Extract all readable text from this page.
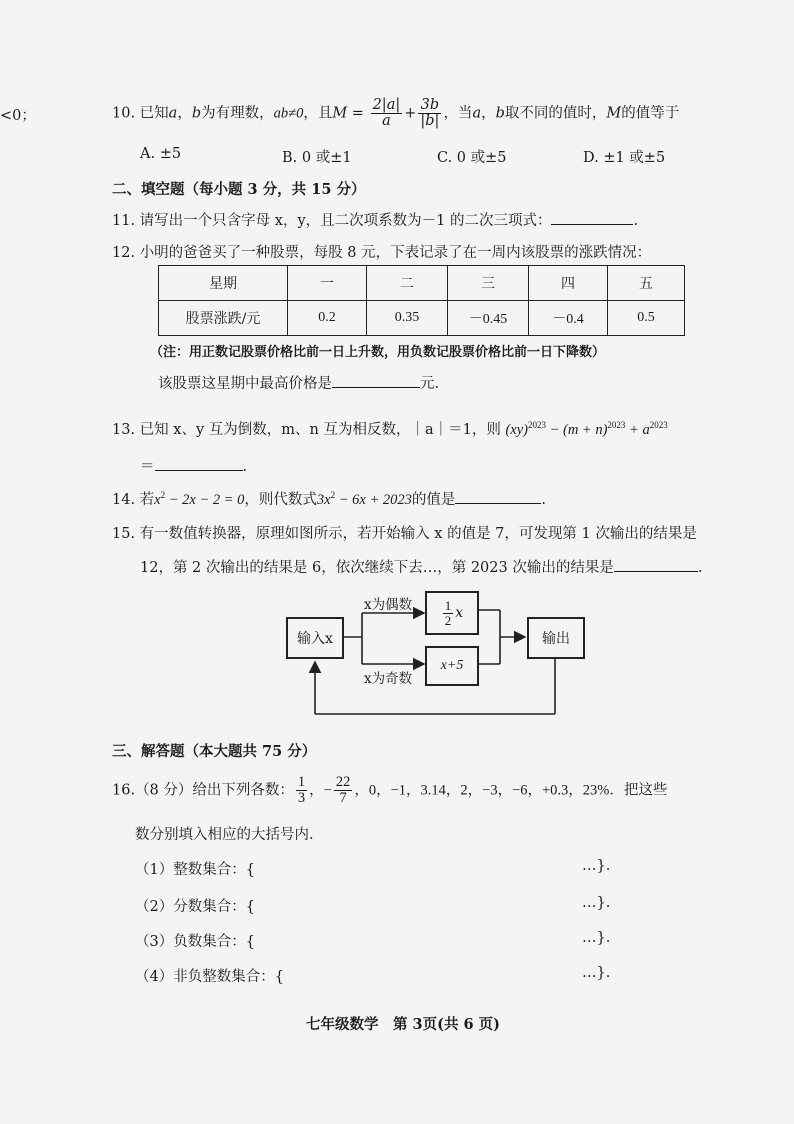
<0；	10. 已知a，b为有理数，ab≠0，且$M = \frac{2|a|}{a} + \frac{3b}{|b|}$ ，当a，b取不同的值时，M的值等于
A. ±5	B. 0 或±1	C. 0 或±5	D. ±1 或±5
二、填空题（每小题 3 分，共 15 分）
11. 请写出一个只含字母 x，y，且二次项系数为－1 的二次三项式：	.
12. 小明的爸爸买了一种股票，每股 8 元，下表记录了在一周内该股票的涨跌情况：
星期	一	二	三	四	五
股票涨跌/元	0.2	0.35	－0.45	－0.4	0.5
（注：用正数记股票价格比前一日上升数，用负数记股票价格比前一日下降数）
该股票这星期中最高价格是	元.
13. 已知 x、y 互为倒数，m、n 互为相反数，｜a｜＝1，则 $(xy)^{2023} - (m + n)^{2023} + a^{2023}$
＝	.
14. 若$x^2 - 2x - 2 = 0$，则代数式$3x^2 - 6x + 2023$的值是	.
15. 有一数值转换器，原理如图所示，若开始输入 x 的值是 7，可发现第 1 次输出的结果是
12，第 2 次输出的结果是 6，依次继续下去…，第 2023 次输出的结果是	.
输入x
x为偶数 $\frac{1}{2}$ x
x+5
x为奇数
输出
三、解答题（本大题共 75 分）
16.（8 分）给出下列各数： $\frac{1}{3}$ ，− $\frac{22}{7}$ ，0，−1，3.14，2，−3，−6，+0.3，23%．把这些
数分别填入相应的大括号内.
（1）整数集合：{	…}.
（2）分数集合：{	…}.
（3）负数集合：{	…}.
（4）非负整数集合：{	…}.
七年级数学　第 3页(共 6 页)
